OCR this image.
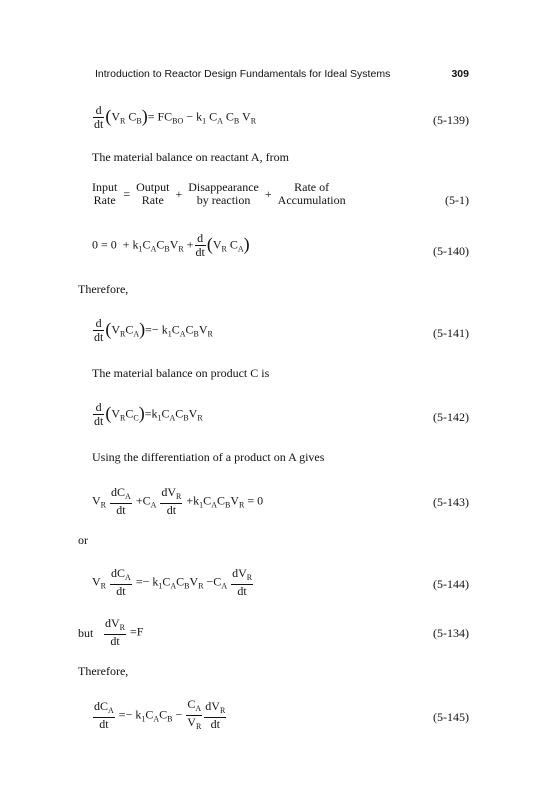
Introduction to Reactor Design Fundamentals for Ideal Systems	309
$\frac{d}{dt} (V_R$ $C_B)= FC_{BO} - k_1$ $C_A$ $C_B$ $V_R$	(5-139)
The material balance on reactant A, from
Input	=	Output	+	Disappearance	+	Rate of
Rate		Rate		by reaction		Accumulation	(5-1)
$0 = 0 + k_1C_AC_BV_R + \frac{d}{dt} (V_R$ $C_A$)	(5-140)
Therefore,
$\frac{d}{dt} (V_RC_A)=- k_1C_AC_BV_R$	(5-141)
The material balance on product C is
$\frac{d}{dt} (V_RC_C)=k_1C_AC_BV_R$	(5-142)
Using the differentiation of a product on A gives
$V_R \frac{dC_A}{dt} +C_A \frac{dV_R}{dt} +k_1C_AC_BV_R = 0$	(5-143)
or
$V_R \frac{dC_A}{dt} =- k_1C_AC_BV_R -C_A \frac{dV_R}{dt}$	(5-144)
but $\frac{dV_R}{dt} =F$	(5-134)
Therefore,
$\frac{dC_A}{dt} =- k_1C_AC_B - \frac{C_A}{V_R} \frac{dV_R}{dt}$	(5-145)
